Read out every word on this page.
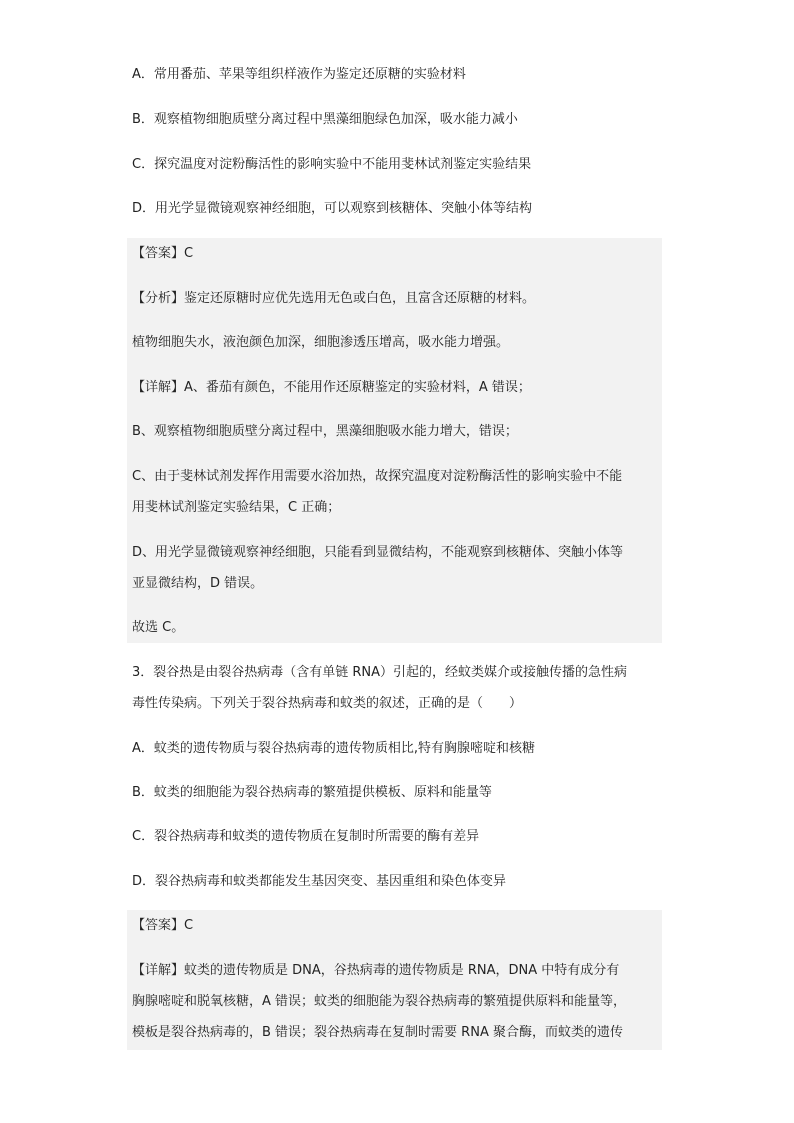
A．常用番茄、苹果等组织样液作为鉴定还原糖的实验材料
B．观察植物细胞质壁分离过程中黑藻细胞绿色加深，吸水能力减小
C．探究温度对淀粉酶活性的影响实验中不能用斐林试剂鉴定实验结果
D．用光学显微镜观察神经细胞，可以观察到核糖体、突触小体等结构
【答案】C
【分析】鉴定还原糖时应优先选用无色或白色，且富含还原糖的材料。
植物细胞失水，液泡颜色加深，细胞渗透压增高，吸水能力增强。
【详解】A、番茄有颜色，不能用作还原糖鉴定的实验材料，A 错误；
B、观察植物细胞质壁分离过程中，黑藻细胞吸水能力增大，错误；
C、由于斐林试剂发挥作用需要水浴加热，故探究温度对淀粉酶活性的影响实验中不能
用斐林试剂鉴定实验结果，C 正确；
D、用光学显微镜观察神经细胞，只能看到显微结构，不能观察到核糖体、突触小体等
亚显微结构，D 错误。
故选 C。
3．裂谷热是由裂谷热病毒（含有单链 RNA）引起的，经蚊类媒介或接触传播的急性病
毒性传染病。下列关于裂谷热病毒和蚊类的叙述，正确的是（　　）
A．蚊类的遗传物质与裂谷热病毒的遗传物质相比,特有胸腺嘧啶和核糖
B．蚊类的细胞能为裂谷热病毒的繁殖提供模板、原料和能量等
C．裂谷热病毒和蚊类的遗传物质在复制时所需要的酶有差异
D．裂谷热病毒和蚊类都能发生基因突变、基因重组和染色体变异
【答案】C
【详解】蚊类的遗传物质是 DNA，谷热病毒的遗传物质是 RNA，DNA 中特有成分有
胸腺嘧啶和脱氧核糖，A 错误；蚊类的细胞能为裂谷热病毒的繁殖提供原料和能量等，
模板是裂谷热病毒的，B 错误；裂谷热病毒在复制时需要 RNA 聚合酶，而蚊类的遗传
